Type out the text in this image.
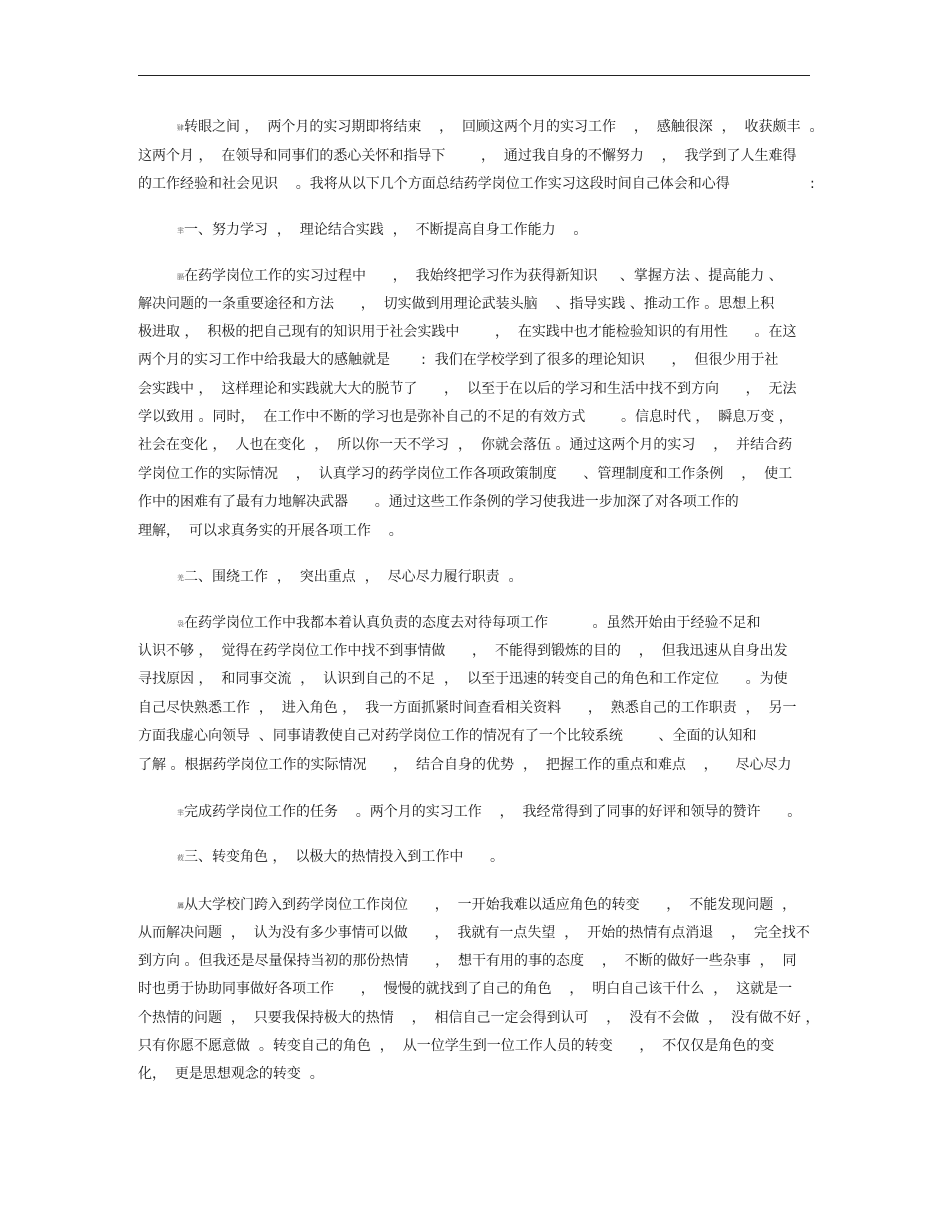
肄转眼之间 ，  两个月的实习期即将结束    ，  回顾这两个月的实习工作    ，  感触很深  ，  收获颇丰  。
这两个月 ，  在领导和同事们的悉心关怀和指导下        ，  通过我自身的不懈努力    ，  我学到了人生难得
的工作经验和社会见识    。我将从以下几个方面总结药学岗位工作实习这段时间自己体会和心得	:
芈一、努力学习  ，  理论结合实践  ，  不断提高自身工作能力    。
膈在药学岗位工作的实习过程中      ，  我始终把学习作为获得新知识     、掌握方法 、提高能力 、
解决问题的一条重要途径和方法      ，  切实做到用理论武装头脑    、指导实践 、推动工作 。思想上积
极进取 ，  积极的把自己现有的知识用于社会实践中        ，  在实践中也才能检验知识的有用性      。在这
两个月的实习工作中给我最大的感触就是       :  我们在学校学到了很多的理论知识      ，  但很少用于社
会实践中 ，  这样理论和实践就大大的脱节了      ，  以至于在以后的学习和生活中找不到方向      ，  无法
学以致用 。同时，  在工作中不断的学习也是弥补自己的不足的有效方式        。信息时代 ，  瞬息万变 ，
社会在变化 ，  人也在变化  ，  所以你一天不学习  ，  你就会落伍 。通过这两个月的实习    ，  并结合药
学岗位工作的实际情况    ，  认真学习的药学岗位工作各项政策制度      、管理制度和工作条例    ，  使工
作中的困难有了最有力地解决武器      。通过这些工作条例的学习使我进一步加深了对各项工作的
理解，  可以求真务实的开展各项工作    。
羌二、围绕工作  ，  突出重点  ，  尽心尽力履行职责  。
袅在药学岗位工作中我都本着认真负责的态度去对待每项工作          。虽然开始由于经验不足和
认识不够 ，  觉得在药学岗位工作中找不到事情做      ，  不能得到锻炼的目的    ，  但我迅速从自身出发
寻找原因 ，  和同事交流  ，  认识到自己的不足  ，  以至于迅速的转变自己的角色和工作定位      。为使
自己尽快熟悉工作  ，  进入角色 ，  我一方面抓紧时间查看相关资料      ，  熟悉自己的工作职责  ，  另一
方面我虚心向领导  、同事请教使自己对药学岗位工作的情况有了一个比较系统        、全面的认知和
了解 。根据药学岗位工作的实际情况      ，  结合自身的优势  ，  把握工作的重点和难点    ，    尽心尽力
芈完成药学岗位工作的任务    。两个月的实习工作    ，  我经常得到了同事的好评和领导的赞许      。
莜三、转变角色 ，  以极大的热情投入到工作中      。
羼从大学校门跨入到药学岗位工作岗位      ，  一开始我难以适应角色的转变      ，  不能发现问题  ，
从而解决问题  ，  认为没有多少事情可以做      ，  我就有一点失望  ，  开始的热情有点消退    ，  完全找不
到方向 。但我还是尽量保持当初的那份热情      ，  想干有用的事的态度    ，  不断的做好一些杂事  ，  同
时也勇于协助同事做好各项工作      ，  慢慢的就找到了自己的角色    ，  明白自己该干什么  ，  这就是一
个热情的问题  ，  只要我保持极大的热情    ，  相信自己一定会得到认可    ，  没有不会做  ，  没有做不好 ，
只有你愿不愿意做  。转变自己的角色  ，  从一位学生到一位工作人员的转变      ，  不仅仅是角色的变
化，  更是思想观念的转变  。
